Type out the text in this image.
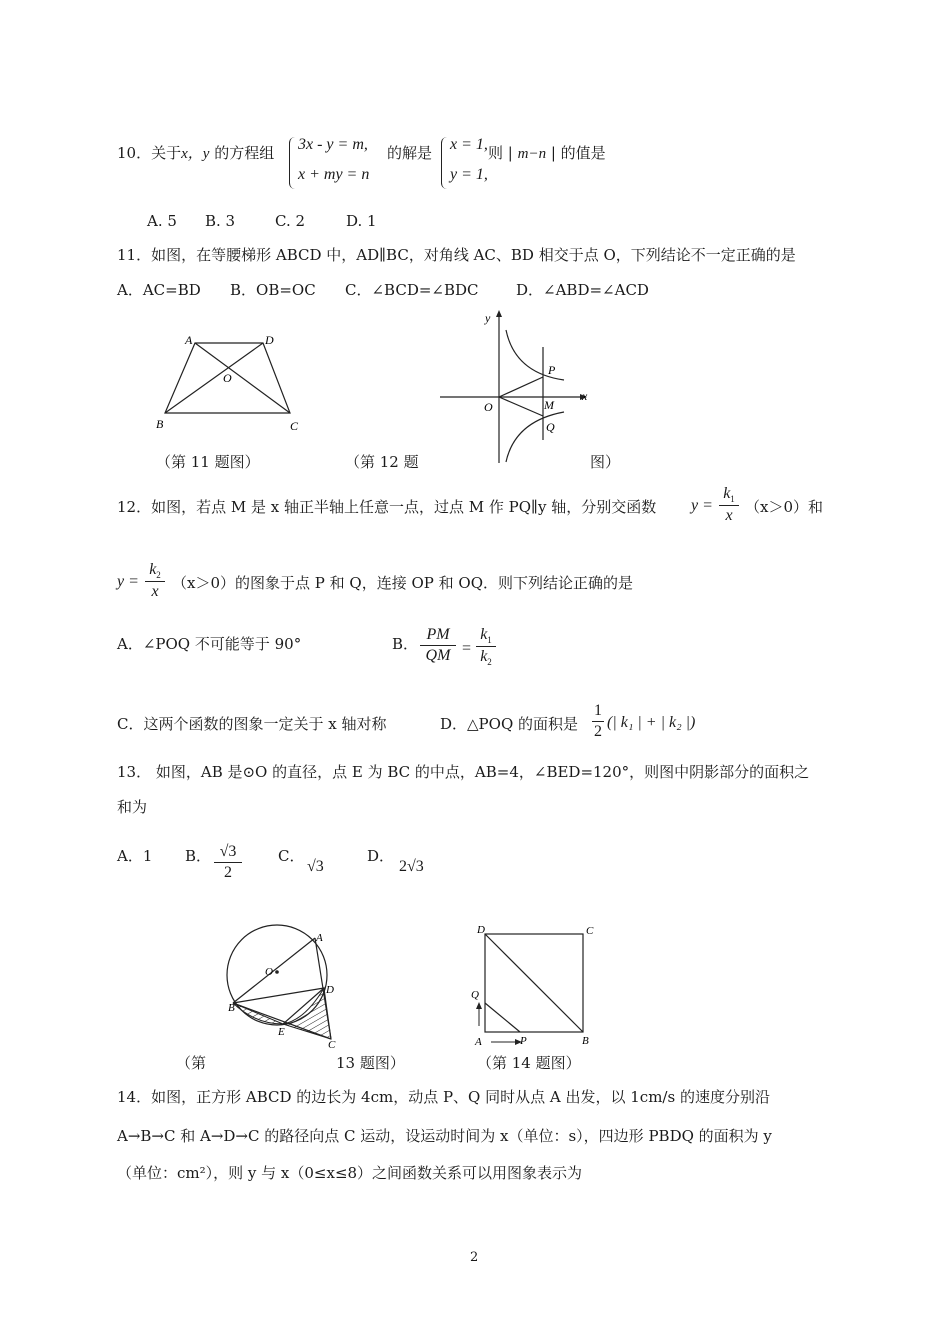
10．关于x，y 的方程组 3x - y = m,
x + my = n
的解是 x = 1,
y = 1,
则 | m−n | 的值是
A. 5 B. 3	C. 2	D. 1
11．如图，在等腰梯形 ABCD 中，AD∥BC，对角线 AC、BD 相交于点 O，下列结论不一定正确的是
A．AC=BD B．OB=OC C．∠BCD=∠BDC D．∠ABD=∠ACD
A	D
O
B	C
（第 11 题图）
y
x
O
P
M
Q
（第 12 题	图）
12．如图，若点 M 是 x 轴正半轴上任意一点，过点 M 作 PQ∥y 轴，分别交函数 y =
$k_1$
x （x＞0）和
y =
$k_2$
x （x＞0）的图象于点 P 和 Q，连接 OP 和 OQ．则下列结论正确的是
A．∠POQ 不可能等于 90°	B．
PM
QM =
$k_1$
$k_2$
C．这两个函数的图象一定关于 x 轴对称	D．△POQ 的面积是
1
2
(| k₁ | + | k₂ |)
13． 如图，AB 是⊙O 的直径，点 E 为 BC 的中点，AB=4，∠BED=120°，则图中阴影部分的面积之
和为
A．1 B． √3
2
C．
√3
D．
2√3
A
O
D
B
E
C
（第	13 题图）
D	C
Q
A	P	B
（第 14 题图）
14．如图，正方形 ABCD 的边长为 4cm，动点 P、Q 同时从点 A 出发，以 1cm/s 的速度分别沿
A→B→C 和 A→D→C 的路径向点 C 运动，设运动时间为 x（单位：s），四边形 PBDQ 的面积为 y
（单位：cm²），则 y 与 x（0≤x≤8）之间函数关系可以用图象表示为
2
